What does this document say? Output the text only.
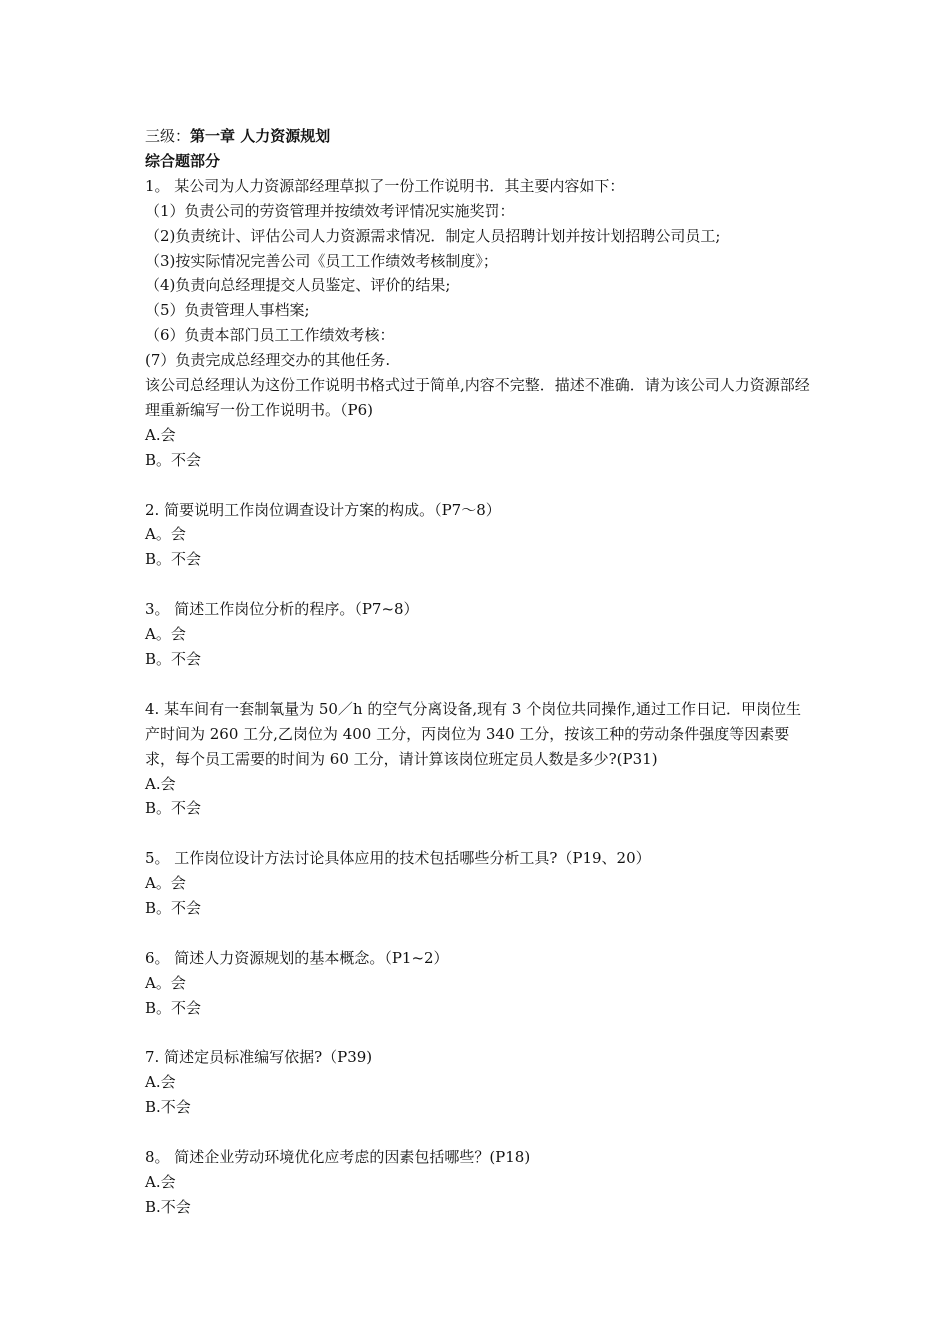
三级：第一章 人力资源规划
综合题部分
1。 某公司为人力资源部经理草拟了一份工作说明书．其主要内容如下：
（1）负责公司的劳资管理并按绩效考评情况实施奖罚：
（2)负责统计、评估公司人力资源需求情况．制定人员招聘计划并按计划招聘公司员工;
（3)按实际情况完善公司《员工工作绩效考核制度》；
（4)负责向总经理提交人员鉴定、评价的结果;
（5）负责管理人事档案;
（6）负责本部门员工工作绩效考核：
(7）负责完成总经理交办的其他任务.
该公司总经理认为这份工作说明书格式过于简单,内容不完整．描述不准确．请为该公司人力资源部经理重新编写一份工作说明书。（P6)
A.会
B。不会
2. 简要说明工作岗位调查设计方案的构成。（P7～8）
A。会
B。不会
3。 简述工作岗位分析的程序。（P7~8）
A。会
B。不会
4. 某车间有一套制氧量为 50／h 的空气分离设备,现有 3 个岗位共同操作,通过工作日记．甲岗位生产时间为 260 工分,乙岗位为 400 工分，丙岗位为 340 工分，按该工种的劳动条件强度等因素要求，每个员工需要的时间为 60 工分，请计算该岗位班定员人数是多少?(P31)
A.会
B。不会
5。 工作岗位设计方法讨论具体应用的技术包括哪些分析工具?（P19、20）
A。会
B。不会
6。 简述人力资源规划的基本概念。（P1~2）
A。会
B。不会
7. 简述定员标准编写依据?（P39)
A.会
B.不会
8。 简述企业劳动环境优化应考虑的因素包括哪些？(P18)
A.会
B.不会
